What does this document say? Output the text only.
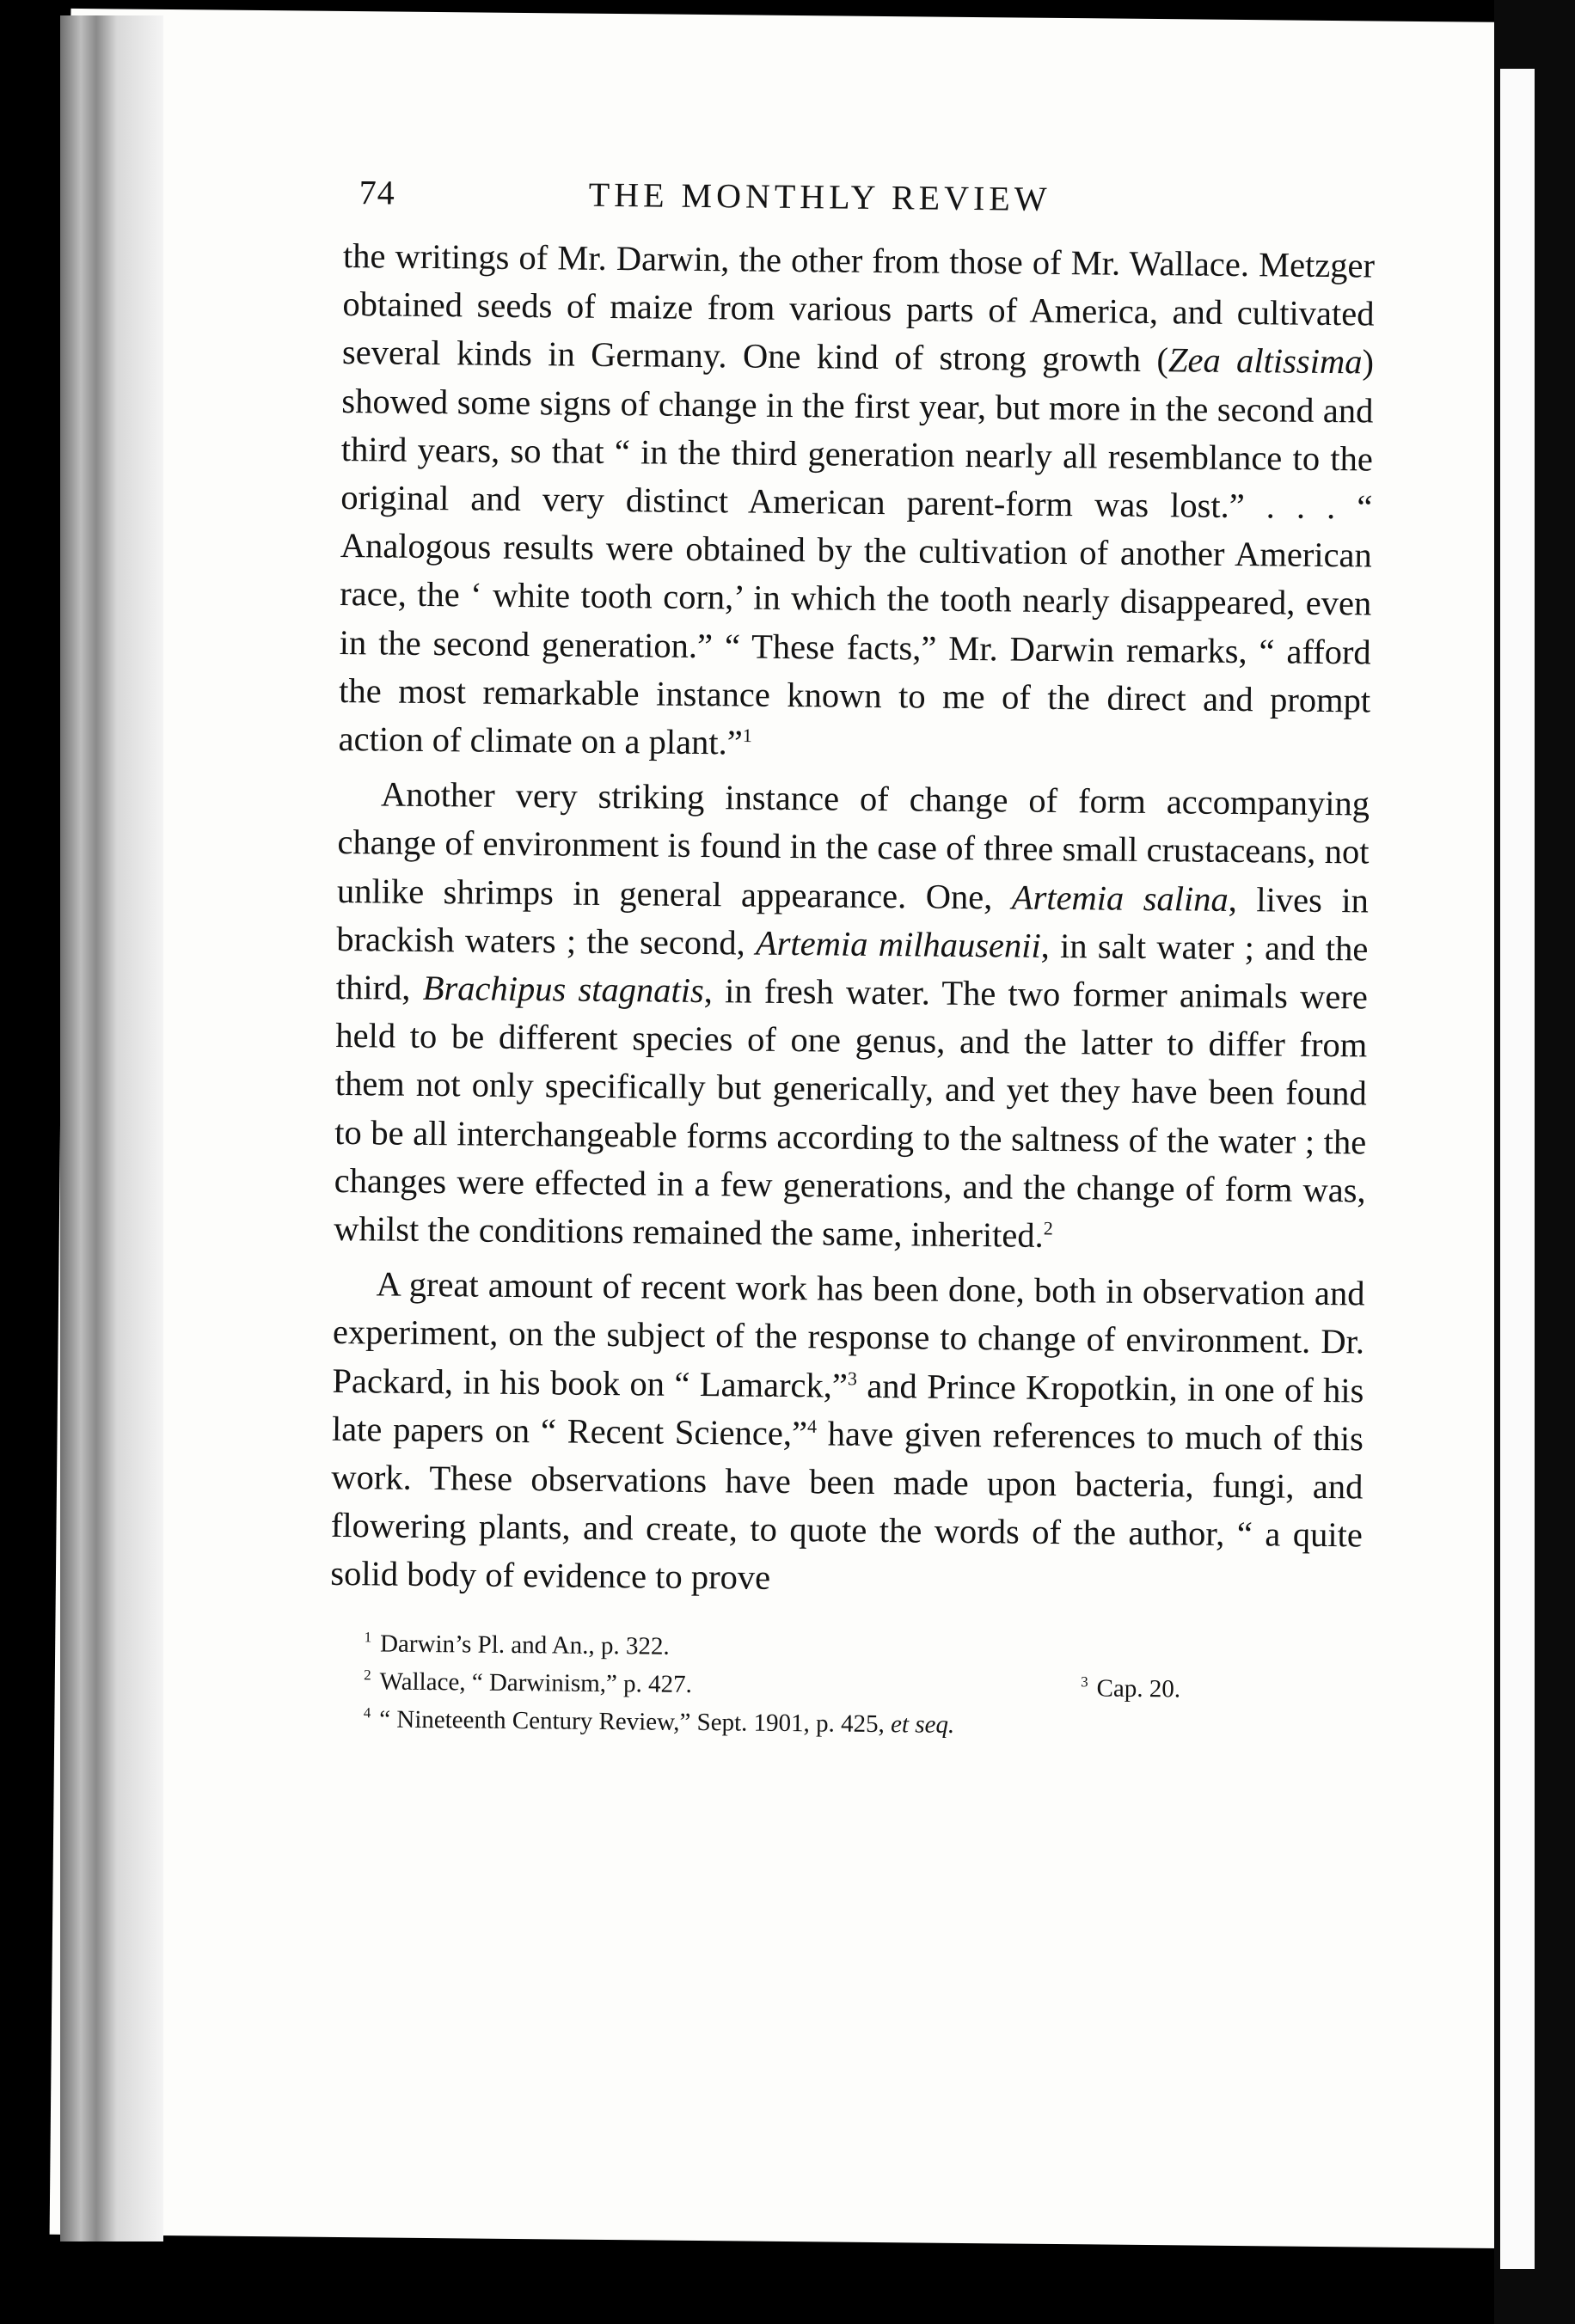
74	THE MONTHLY REVIEW

the writings of Mr. Darwin, the other from those of Mr. Wallace. Metzger obtained seeds of maize from various parts of America, and cultivated several kinds in Germany. One kind of strong growth (Zea altissima) showed some signs of change in the first year, but more in the second and third years, so that “ in the third generation nearly all resemblance to the original and very distinct American parent-form was lost.” . . . “ Analogous results were obtained by the cultivation of another American race, the ‘ white tooth corn,’ in which the tooth nearly disappeared, even in the second generation.” “ These facts,” Mr. Darwin remarks, “ afford the most remarkable instance known to me of the direct and prompt action of climate on a plant.”$^1$

Another very striking instance of change of form accompanying change of environment is found in the case of three small crustaceans, not unlike shrimps in general appearance. One, Artemia salina, lives in brackish waters ; the second, Artemia milhausenii, in salt water ; and the third, Brachipus stagnatis, in fresh water. The two former animals were held to be different species of one genus, and the latter to differ from them not only specifically but generically, and yet they have been found to be all interchangeable forms according to the saltness of the water ; the changes were effected in a few generations, and the change of form was, whilst the conditions remained the same, inherited.$^2$

A great amount of recent work has been done, both in observation and experiment, on the subject of the response to change of environment. Dr. Packard, in his book on “ Lamarck,”$^3$ and Prince Kropotkin, in one of his late papers on “ Recent Science,”$^4$ have given references to much of this work. These observations have been made upon bacteria, fungi, and flowering plants, and create, to quote the words of the author, “ a quite solid body of evidence to prove

$^1$ Darwin’s Pl. and An., p. 322.
$^2$ Wallace, “ Darwinism,” p. 427.	$^3$ Cap. 20.
$^4$ “ Nineteenth Century Review,” Sept. 1901, p. 425, et seq.
